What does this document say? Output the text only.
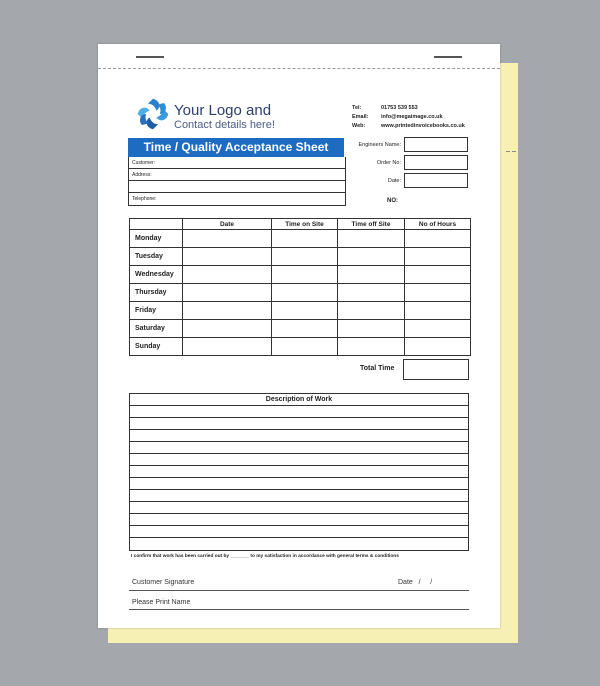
Your Logo and
Contact details here!
Tel:	01753 539 553
Email:	info@megaimage.co.uk
Web:	www.printedinvoicebooks.co.uk
Time / Quality Acceptance Sheet
Customer:
Address:
Telephone:
Engineers Name:
Order No:
Date:
NO:
	Date	Time on Site	Time off Site	No of Hours
Monday				
Tuesday				
Wednesday				
Thursday				
Friday				
Saturday				
Sunday				
Total Time
Description of Work
I confirm that work has been carried out by _______ to my satisfaction in accordance with general terms & conditions
Customer Signature	Date   /     /
Please Print Name
